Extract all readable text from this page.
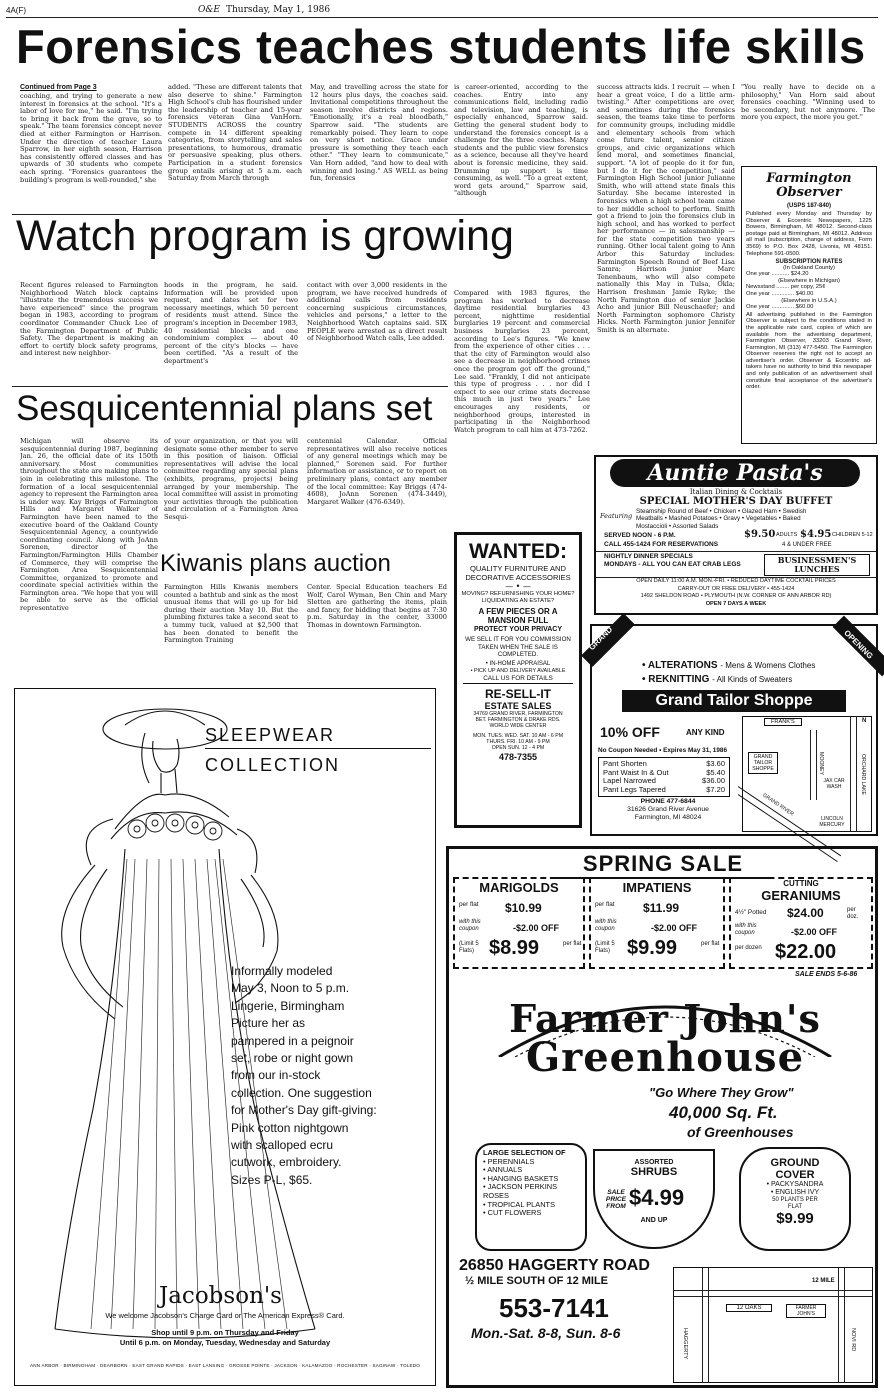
4A(F)	O&E Thursday, May 1, 1986
Forensics teaches students life skills
Continued from Page 3
coaching, and trying to generate a new interest in forensics at the school. "It's a labor of love for me," he said. "I'm trying to bring it back from the grave, so to speak." The team forensics concept never died at either Farmington or Harrison. Under the direction of teacher Laura Sparrow, in her eighth season, Harrison has consistently offered classes and has upwards of 30 students who compete each spring. "Forensics guarantees the building's program is well-rounded," she
added. "These are different talents that also deserve to shine." Farmington High School's club has flourished under the leadership of teacher and 15-year forensics veteran Gina VanHorn. STUDENTS ACROSS the country compete in 14 different speaking categories, from storytelling and sales presentations, to humorous, dramatic or persuasive speaking, plus others. Participation in a student forensics group entails arising at 5 a.m. each Saturday from March through
May, and travelling across the state for 12 hours plus days, the coaches said. Invitational competitions throughout the season involve districts and regions. "Emotionally, it's a real bloodbath," Sparrow said. "The students are remarkably poised. They learn to cope on very short notice. Grace under pressure is something they teach each other." "They learn to communicate," Van Horn added, "and how to deal with winning and losing." AS WELL as being fun, forensics
is career-oriented, according to the coaches. Entry into any communications field, including radio and television, law and teaching, is especially enhanced, Sparrow said. Getting the general student body to understand the forensics concept is a challenge for the three coaches. Many students and the public view forensics as a science, because all they've heard about is forensic medicine, they said. Drumming up support is time consuming, as well. "To a great extent, word gets around," Sparrow said, "although
success attracts kids. I recruit — when I hear a great voice, I do a little arm-twisting." After competitions are over, and sometimes during the forensics season, the teams take time to perform for community groups, including middle and elementary schools from which come future talent, senior citizen groups, and civic organizations which lend moral, and sometimes financial, support. "A lot of people do it for fun, but I do it for the competition," said Farmington High School junior Julianne Smith, who will attend state finals this Saturday. She became interested in forensics when a high school team came to her middle school to perform. Smith got a friend to join the forensics club in high school, and has worked to perfect her performance — in salesmanship — for the state competition two years running. Other local talent going to Ann Arbor this Saturday includes: Farmington Speech Round of Beef Lisa Samra; Harrison junior Marc Tenenbaum, who will also compete nationally this May in Tulsa, Okla; Harrison freshman Jamie Ryke; the North Farmington duo of senior Jackie Acho and junior Bill Neuschaefer; and North Farmington sophomore Christy Hicks. North Farmington junior Jennifer Smith is an alternate.
"You really have to decide on a philosophy," Van Horn said about forensics coaching. "Winning used to be secondary, but not anymore. The more you expect, the more you get."
Farmington
Observer
(USPS 187-840)
Published every Monday and Thursday by Observer & Eccentric Newspapers, 1225 Bowers, Birmingham, MI 48012. Second-class postage paid at Birmingham, MI 48012. Address all mail (subscription, change of address, Form 3569) to P.O. Box 2428, Livonia, MI 48151. Telephone 591-0500.
SUBSCRIPTION RATES
(In Oakland County)
One year ........... $24.20
(Elsewhere in Michigan)
Newsstand ........ per copy, 25¢
One year .............. $40.00
(Elsewhere in U.S.A.)
One year .............. $60.00
All advertising published in the Farmington Observer is subject to the conditions stated in the applicable rate card, copies of which are available from the advertising department, Farmington Observer, 33203 Grand River, Farmington, MI (313) 477-5450. The Farmington Observer reserves the right not to accept an advertiser's order. Observer & Eccentric ad-takers have no authority to bind this newspaper and only publication of an advertisement shall constitute final acceptance of the advertiser's order.
Watch program is growing
Recent figures released to Farmington Neighborhood Watch block captains "illustrate the tremendous success we have experienced" since the program began in 1983, according to program coordinator Commander Chuck Lee of the Farmington Department of Public Safety. The department is making an effort to certify block safety programs, and interest new neighbor-
hoods in the program, he said. Information will be provided upon request, and dates set for two necessary meetings, which 50 percent of residents must attend. Since the program's inception in December 1983, 40 residential blocks and one condominium complex — about 40 percent of the city's blocks — have been certified. "As a result of the department's
contact with over 3,000 residents in the program, we have received hundreds of additional calls from residents concerning suspicious circumstances, vehicles and persons," a letter to the Neighborhood Watch captains said. SIX PEOPLE were arrested as a direct result of Neighborhood Watch calls, Lee added.
Compared with 1983 figures, the program has worked to decrease daytime residential burglaries 43 percent, nighttime residential burglaries 19 percent and commercial business burglaries 23 percent, according to Lee's figures. "We knew from the experience of other cities . . . that the city of Farmington would also see a decrease in neighborhood crimes once the program got off the ground," Lee said. "Frankly, I did not anticipate this type of progress . . . nor did I expect to see our crime stats decrease this much in just two years." Lee encourages any residents, or neighborhood groups, interested in participating in the Neighborhood Watch program to call him at 473-7262.
Sesquicentennial plans set
Michigan will observe its sesquicentennial during 1987, beginning Jan. 26, the official date of its 150th anniversary. Most communities throughout the state are making plans to join in celebrating this milestone. The formation of a local sesquicentennial agency to represent the Farmington area is under way. Kay Briggs of Farmington Hills and Margaret Walker of Farmington have been named to the executive board of the Oakland County Sesquicentennial Agency, a countywide coordinating council. Along with JoAnn Sorenen, director of the Farmington/Farmington Hills Chamber of Commerce, they will comprise the Farmington Area Sesquicentennial Committee, organized to promote and coordinate special activities within the Farmington area. "We hope that you will be able to serve as the official representative
of your organization, or that you will designate some other member to serve in this position of liaison. Official representatives will advise the local committee regarding any special plans (exhibits, programs, projects) being arranged by your membership. The local committee will assist in promoting your activities through the publication and circulation of a Farmington Area Sesqui-
centennial Calendar. Official representatives will also receive notices of any general meetings which may be planned," Sorenen said. For further information or assistance, or to report on preliminary plans, contact any member of the local committee: Kay Briggs (474-4608), JoAnn Sorenen (474-3449), Margaret Walker (476-6349).
Kiwanis plans auction
Farmington Hills Kiwanis members counted a bathtub and sink as the most unusual items that will go up for bid during their auction May 10. But the plumbing fixtures take a second seat to a tummy tuck, valued at $2,500 that has been donated to benefit the Farmington Training
Center. Special Education teachers Ed Wolf, Carol Wyman, Ben Chin and Mary Sletten are gathering the items, plain and fancy, for bidding that begins at 7:30 p.m. Saturday in the center, 33000 Thomas in downtown Farmington.
SLEEPWEAR
COLLECTION
Informally modeled
May 3, Noon to 5 p.m.
Lingerie, Birmingham
Picture her as
pampered in a peignoir
set, robe or night gown
from our in-stock
collection. One suggestion
for Mother's Day gift-giving:
Pink cotton nightgown
with scalloped ecru
cutwork, embroidery.
Sizes P-L, $65.
Jacobson's
We welcome Jacobson's Charge Card or The American Express® Card.
Shop until 9 p.m. on Thursday and Friday
Until 6 p.m. on Monday, Tuesday, Wednesday and Saturday
ANN ARBOR · BIRMINGHAM · DEARBORN · EAST GRAND RAPIDS · EAST LANSING · GROSSE POINTE · JACKSON · KALAMAZOO · ROCHESTER · SAGINAW · TOLEDO
Auntie Pasta's
Italian Dining & Cocktails
SPECIAL MOTHER'S DAY BUFFET
Featuring
Steamship Round of Beef • Chicken • Glazed Ham • Swedish
Meatballs • Mashed Potatoes • Gravy • Vegetables • Baked
Mostaccioli • Assorted Salads
SERVED NOON - 6 P.M.	$9.50 ADULTS $4.95 CHILDREN 5-12
CALL 455-1424 FOR RESERVATIONS	4 & UNDER FREE
NIGHTLY DINNER SPECIALS
MONDAYS - ALL YOU CAN EAT CRAB LEGS	BUSINESSMEN'S LUNCHES
OPEN DAILY 11:00 A.M. MON.-FRI. • REDUCED DAYTIME COCKTAIL PRICES
CARRY-OUT OR FREE DELIVERY • 455-1424
1492 SHELDON ROAD • PLYMOUTH (N.W. CORNER OF ANN ARBOR RD)
OPEN 7 DAYS A WEEK
WANTED:
QUALITY FURNITURE AND DECORATIVE ACCESSORIES
— • —
MOVING? REFURNISHING YOUR HOME? LIQUIDATING AN ESTATE?
A FEW PIECES OR A MANSION FULL
PROTECT YOUR PRIVACY
WE SELL IT FOR YOU COMMISSION TAKEN WHEN THE SALE IS COMPLETED.
• IN-HOME APPRAISAL
• PICK UP AND DELIVERY AVAILABLE
CALL US FOR DETAILS
RE-SELL-IT
ESTATE SALES
34769 GRAND RIVER, FARMINGTON
BET. FARMINGTON & DRAKE RDS.
WORLD WIDE CENTER
MON. TUES. WED. SAT. 10 AM - 6 PM
THURS. FRI. 10 AM - 9 PM
OPEN SUN. 12 - 4 PM
478-7355
GRAND	OPENING
• ALTERATIONS - Mens & Womens Clothes
• REKNITTING - All Kinds of Sweaters
Grand Tailor Shoppe
10% OFF	ANY KIND
No Coupon Needed • Expires May 31, 1986
Pant Shorten	$3.60
Pant Waist In & Out	$5.40
Lapel Narrowed	$36.00
Pant Legs Tapered	$7.20
PHONE 477-6844
31626 Grand River Avenue
Farmington, MI 48024
FRANK'S
GRAND TAILOR SHOPPE	MOONEY	ORCHARD LAKE
GRAND RIVER
JAX CAR WASH
LINCOLN MERCURY
N
SPRING SALE
MARIGOLDS
per flat $10.99
with this coupon	-$2.00 OFF
(Limit 5 Flats) $8.99	per flat
IMPATIENS
per flat $11.99
with this coupon	-$2.00 OFF
(Limit 5 Flats) $9.99	per flat
CUTTING
GERANIUMS
4½" Potted $24.00	per doz.
with this coupon	-$2.00 OFF
per dozen $22.00
SALE ENDS 5-6-86
Farmer John's
Greenhouse
"Go Where They Grow"
40,000 Sq. Ft.
of Greenhouses
LARGE SELECTION OF
• PERENNIALS
• ANNUALS
• HANGING BASKETS
• JACKSON PERKINS ROSES
• TROPICAL PLANTS
• CUT FLOWERS
ASSORTED
SHRUBS
SALE PRICE FROM $4.99
AND UP
GROUND
COVER
• PACKYSANDRA
• ENGLISH IVY
50 PLANTS PER FLAT
$9.99
26850 HAGGERTY ROAD
½ MILE SOUTH OF 12 MILE
553-7141
Mon.-Sat. 8-8, Sun. 8-6
12 MILE
12 OAKS	FARMER JOHN'S
HAGGERTY	NOVI RD
